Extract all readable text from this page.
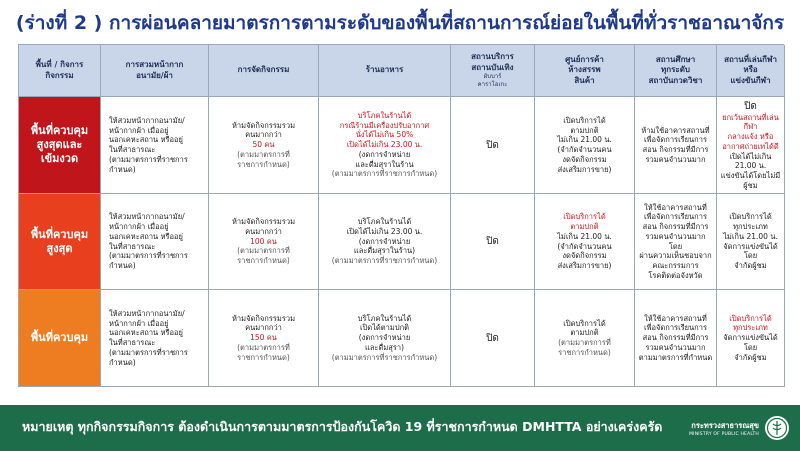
(ร่างที่ 2 ) การผ่อนคลายมาตรการตามระดับของพื้นที่สถานการณ์ย่อยในพื้นที่ทั่วราชอาณาจักร
พื้นที่ / กิจการ
กิจกรรม
การสวมหน้ากาก
อนามัย/ผ้า
การจัดกิจกรรม	ร้านอาหาร
สถานบริการ
สถานบันเทิง
ผับบาร์
คาราโอเกะ
ศูนย์การค้า
ห้างสรรพ
สินค้า
สถานศึกษา
ทุกระดับ
สถาบันกวดวิชา
สถานที่เล่นกีฬา หรือ
แข่งขันกีฬา
พื้นที่ควบคุม
สูงสุดและ
เข้มงวด
ให้สวมหน้ากากอนามัย/
หน้ากากผ้า เมื่ออยู่
นอกเคหะสถาน หรืออยู่
ในที่สาธารณะ
(ตามมาตรการที่ราชการ
กำหนด)
ห้ามจัดกิจกรรมรวม
คนมากกว่า
50 คน
(ตามมาตรการที่
ราชการกำหนด)
บริโภคในร้านได้
กรณีร้านมีเครื่องปรับอากาศ
นั่งได้ไม่เกิน 50%
เปิดได้ไม่เกิน 23.00 น.
(งดการจำหน่าย
และดื่มสุราในร้าน
(ตามมาตรการที่ราชการกำหนด)
ปิด
เปิดบริการได้
ตามปกติ
ไม่เกิน 21.00 น.
(จำกัดจำนวนคน
งดจัดกิจกรรม
ส่งเสริมการขาย)
ห้ามใช้อาคารสถานที่
เพื่อจัดการเรียนการ
สอน กิจกรรมที่มีการ
รวมคนจำนวนมาก
ปิด
ยกเว้นสถานที่เล่นกีฬา
กลางแจ้ง หรือ
อากาศถ่ายเทได้ดี
เปิดได้ไม่เกิน 21.00 น.
แข่งขันได้โดยไม่มีผู้ชม
พื้นที่ควบคุม
สูงสุด
ให้สวมหน้ากากอนามัย/
หน้ากากผ้า เมื่ออยู่
นอกเคหะสถาน หรืออยู่
ในที่สาธารณะ
(ตามมาตรการที่ราชการ
กำหนด)
ห้ามจัดกิจกรรมรวม
คนมากกว่า
100 คน
(ตามมาตรการที่
ราชการกำหนด)
บริโภคในร้านได้
เปิดได้ไม่เกิน 23.00 น.
(งดการจำหน่าย
และดื่มสุราในร้าน)
(ตามมาตรการที่ราชการกำหนด)
ปิด
เปิดบริการได้
ตามปกติ
ไม่เกิน 21.00 น.
(จำกัดจำนวนคน
งดจัดกิจกรรม
ส่งเสริมการขาย)
ให้ใช้อาคารสถานที่
เพื่อจัดการเรียนการ
สอน กิจกรรมที่มีการ
รวมคนจำนวนมาก โดย
ผ่านความเห็นชอบจาก
คณะกรรมการ
โรคติดต่อจังหวัด
เปิดบริการได้
ทุกประเภท
ไม่เกิน 21.00 น.
จัดการแข่งขันได้โดย
จำกัดผู้ชม
พื้นที่ควบคุม
ให้สวมหน้ากากอนามัย/
หน้ากากผ้า เมื่ออยู่
นอกเคหะสถาน หรืออยู่
ในที่สาธารณะ
(ตามมาตรการที่ราชการ
กำหนด)
ห้ามจัดกิจกรรมรวม
คนมากกว่า
150 คน
(ตามมาตรการที่
ราชการกำหนด)
บริโภคในร้านได้
เปิดได้ตามปกติ
(งดการจำหน่าย
และดื่มสุรา)
(ตามมาตรการที่ราชการกำหนด)
ปิด
เปิดบริการได้
ตามปกติ
(ตามมาตรการที่
ราชการกำหนด)
ให้ใช้อาคารสถานที่
เพื่อจัดการเรียนการ
สอน กิจกรรมที่มีการ
รวมคนจำนวนมาก
ตามมาตรการที่กำหนด
เปิดบริการได้
ทุกประเภท
จัดการแข่งขันได้โดย
จำกัดผู้ชม
หมายเหตุ ทุกกิจกรรมกิจการ ต้องดำเนินการตามมาตรการป้องกันโควิด 19 ที่ราชการกำหนด DMHTTA อย่างเคร่งครัด	กระทรวงสาธารณสุข
MINISTRY OF PUBLIC HEALTH
